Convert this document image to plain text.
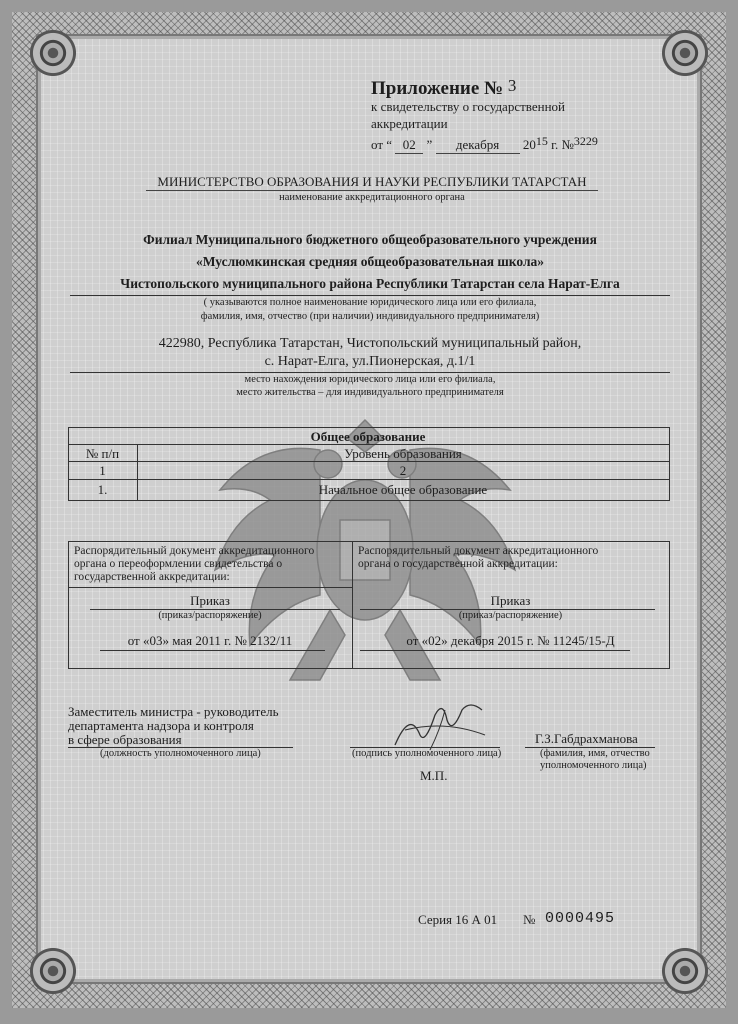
Приложение № 3
к свидетельству о государственной
аккредитации
от “ 02 ” декабря 2015 г. №3229
МИНИСТЕРСТВО ОБРАЗОВАНИЯ И НАУКИ РЕСПУБЛИКИ ТАТАРСТАН
наименование аккредитационного органа
Филиал Муниципального бюджетного общеобразовательного учреждения
«Муслюмкинская средняя общеобразовательная школа»
Чистопольского муниципального района Республики Татарстан села Нарат-Елга
( указываются полное наименование юридического лица или его филиала,
фамилия, имя, отчество (при наличии) индивидуального предпринимателя)
422980, Республика Татарстан, Чистопольский муниципальный район,
с. Нарат-Елга, ул.Пионерская, д.1/1
место нахождения юридического лица или его филиала,
место жительства – для индивидуального предпринимателя
Общее образование
№ п/п	Уровень образования
1	2
1.	Начальное общее образование
Распорядительный документ аккредитационного
органа о переоформлении свидетельства о
государственной аккредитации:
Приказ
(приказ/распоряжение)
от «03» мая 2011 г. № 2132/11
Распорядительный документ аккредитационного
органа о государственной аккредитации:
Приказ
(приказ/распоряжение)
от «02» декабря 2015 г. № 11245/15-Д
Заместитель министра - руководитель
департамента надзора и контроля
в сфере образования
(должность уполномоченного лица)	(подпись уполномоченного лица)
Г.З.Габдрахманова
(фамилия, имя, отчество
уполномоченного лица)
М.П.
Серия 16 А 01 № 0000495
